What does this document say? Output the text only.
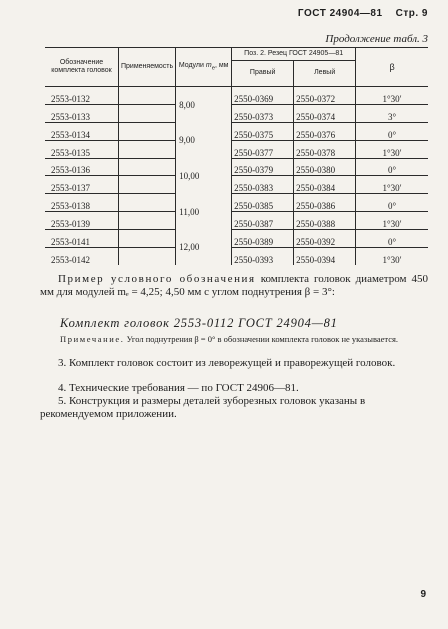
ГОСТ 24904—81 Стр. 9
Продолжение табл. 3
Обозначение комплекта головок	Применяемость	Модули $m_e$, мм	Поз. 2. Резец ГОСТ 24905—81		β
			Правый	Левый	
2553-0132		8,00	2550-0369	2550-0372	1°30′
2553-0133			2550-0373	2550-0374	3°
2553-0134		9,00	2550-0375	2550-0376	0°
2553-0135			2550-0377	2550-0378	1°30′
2553-0136		10,00	2550-0379	2550-0380	0°
2553-0137			2550-0383	2550-0384	1°30′
2553-0138		11,00	2550-0385	2550-0386	0°
2553-0139			2550-0387	2550-0388	1°30′
2553-0141		12,00	2550-0389	2550-0392	0°
2553-0142			2550-0393	2550-0394	1°30′
Пример условного обозначения комплекта головок диаметром 450 мм для модулей mₑ = 4,25; 4,50 мм с углом поднутрения β = 3°:
Комплект головок 2553-0112 ГОСТ 24904—81
Примечание. Угол поднутрения β = 0° в обозначении комплекта головок не указывается.
3. Комплект головок состоит из леворежущей и праворежущей головок.
4. Технические требования — по ГОСТ 24906—81.
5. Конструкция и размеры деталей зуборезных головок указаны в рекомендуемом приложении.
9
